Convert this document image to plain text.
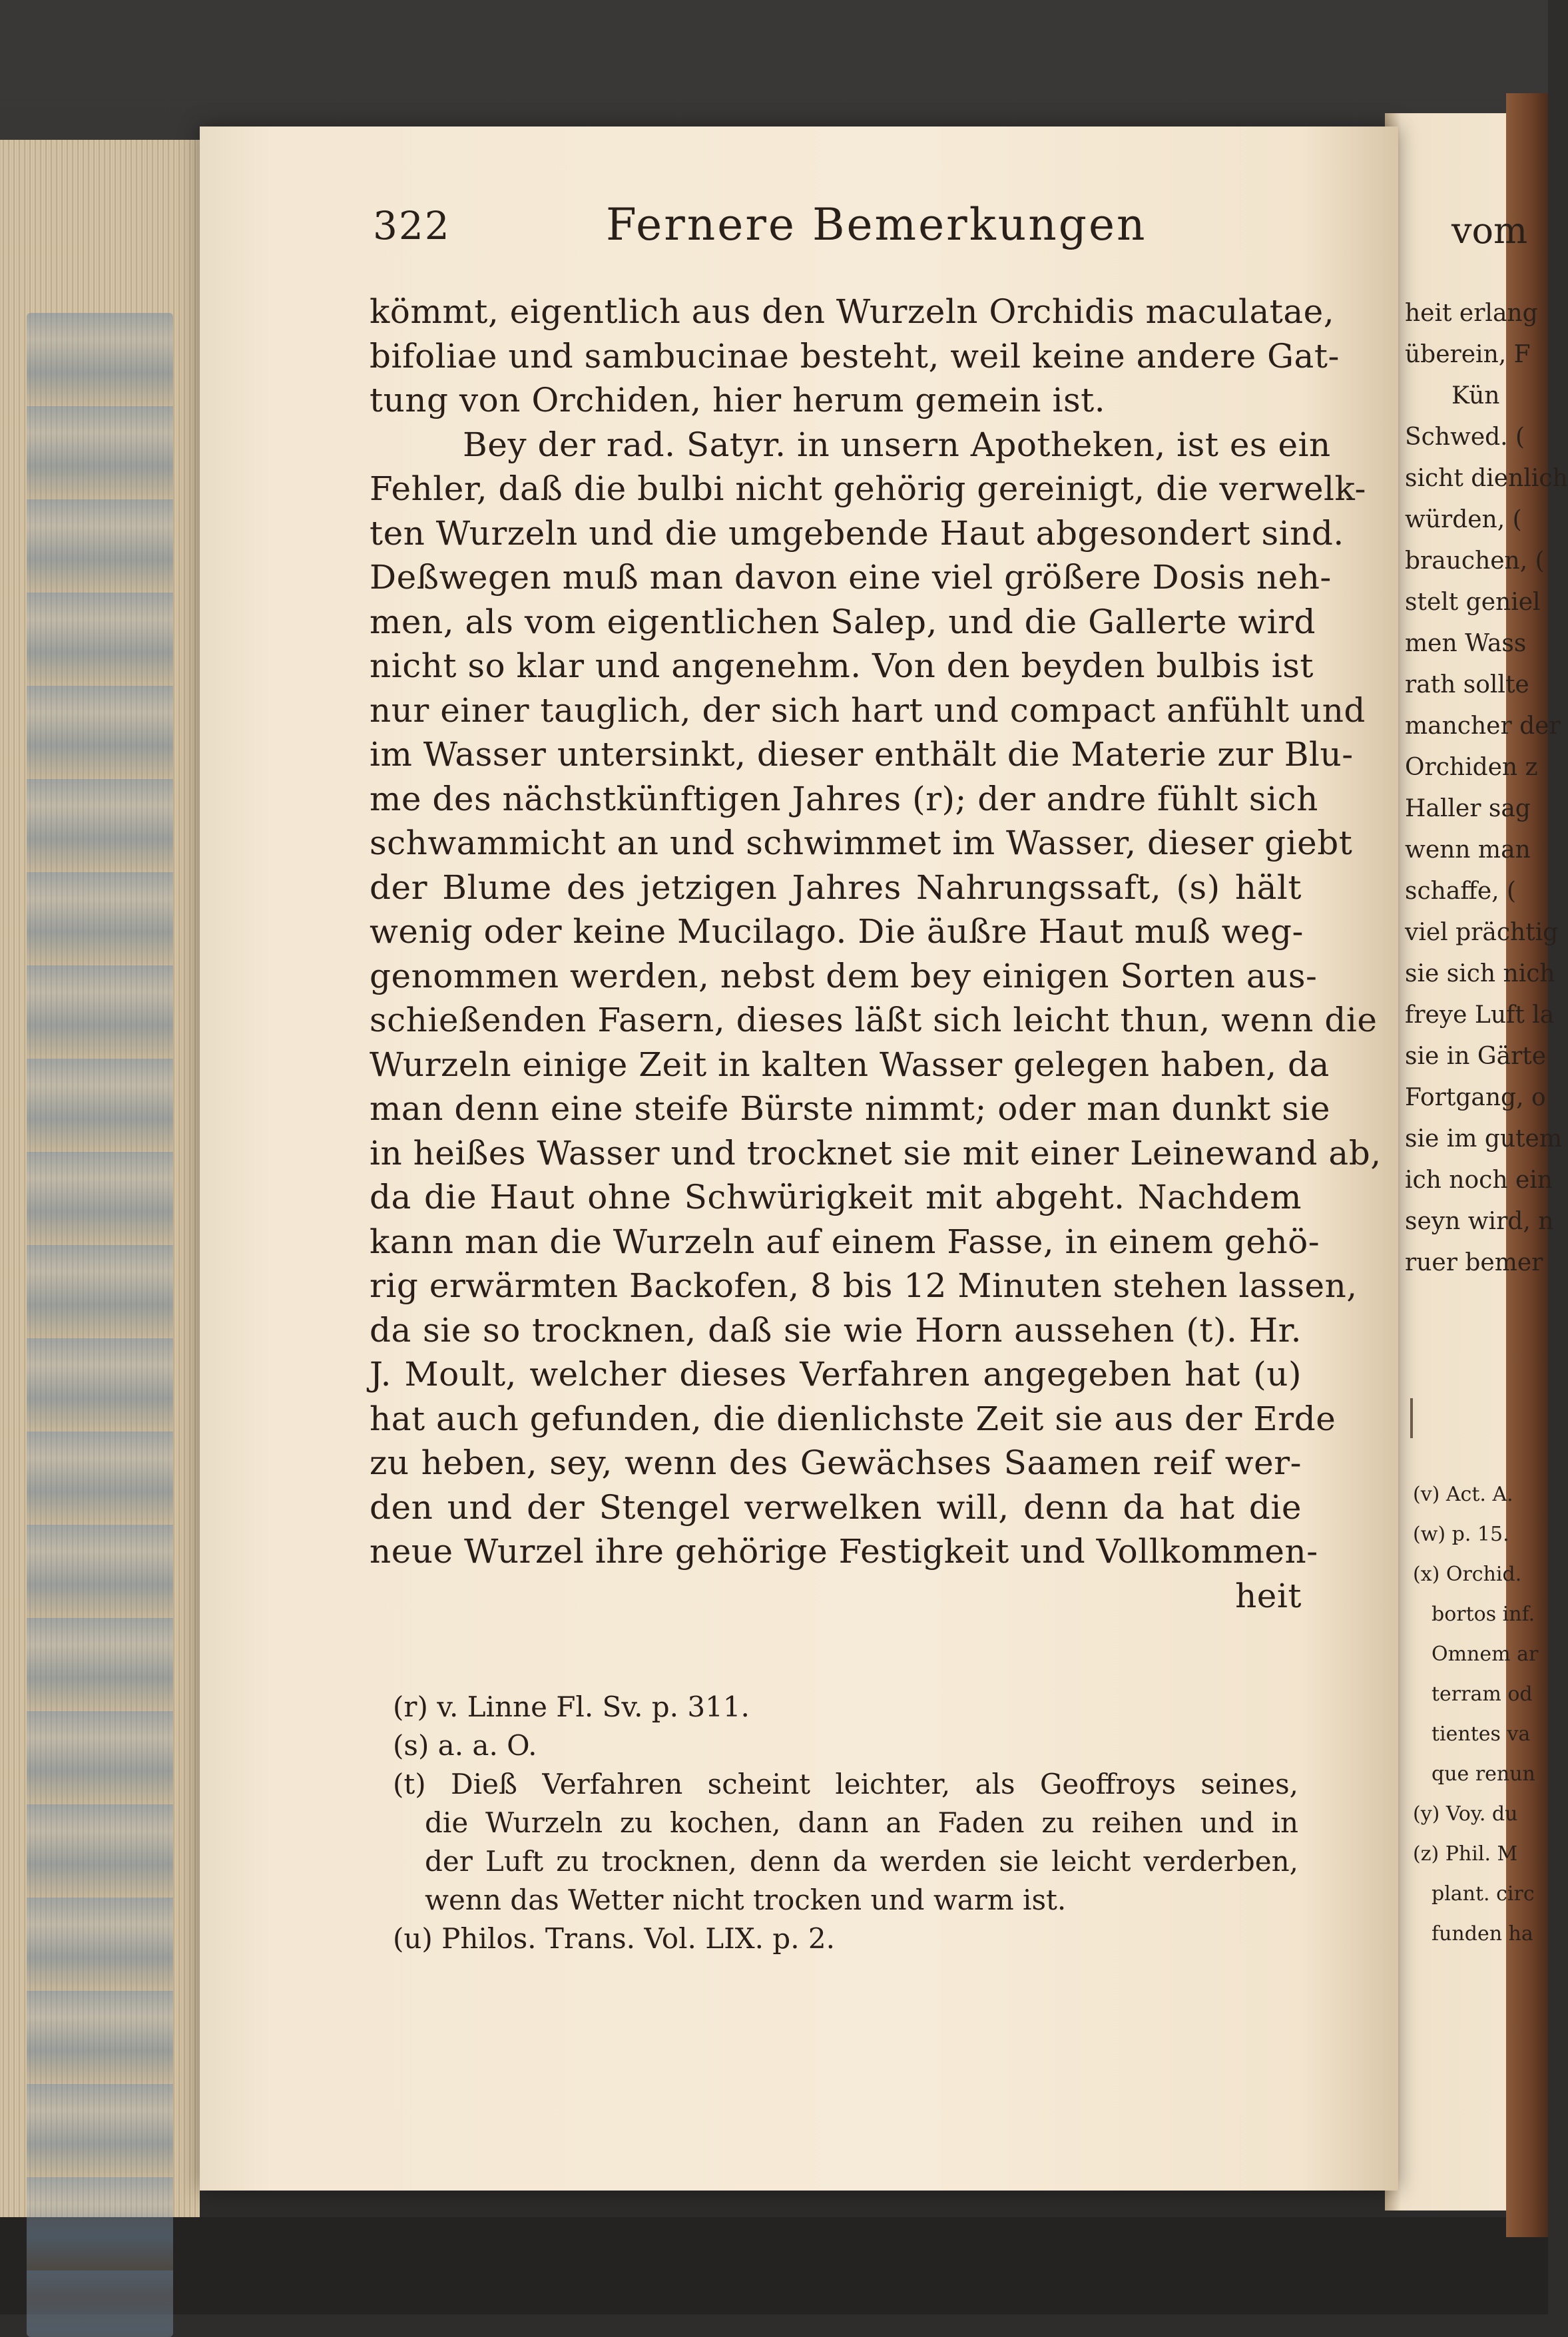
322	Fernere Bemerkungen
kömmt, eigentlich aus den Wurzeln Orchidis maculatae,
bifoliae und sambucinae besteht, weil keine andere Gat-
tung von Orchiden, hier herum gemein ist.
Bey der rad. Satyr. in unsern Apotheken, ist es ein
Fehler, daß die bulbi nicht gehörig gereinigt, die verwelk-
ten Wurzeln und die umgebende Haut abgesondert sind.
Deßwegen muß man davon eine viel größere Dosis neh-
men, als vom eigentlichen Salep, und die Gallerte wird
nicht so klar und angenehm. Von den beyden bulbis ist
nur einer tauglich, der sich hart und compact anfühlt und
im Wasser untersinkt, dieser enthält die Materie zur Blu-
me des nächstkünftigen Jahres (r); der andre fühlt sich
schwammicht an und schwimmet im Wasser, dieser giebt
der Blume des jetzigen Jahres Nahrungssaft, (s) hält
wenig oder keine Mucilago. Die äußre Haut muß weg-
genommen werden, nebst dem bey einigen Sorten aus-
schießenden Fasern, dieses läßt sich leicht thun, wenn die
Wurzeln einige Zeit in kalten Wasser gelegen haben, da
man denn eine steife Bürste nimmt; oder man dunkt sie
in heißes Wasser und trocknet sie mit einer Leinewand ab,
da die Haut ohne Schwürigkeit mit abgeht. Nachdem
kann man die Wurzeln auf einem Fasse, in einem gehö-
rig erwärmten Backofen, 8 bis 12 Minuten stehen lassen,
da sie so trocknen, daß sie wie Horn aussehen (t). Hr.
J. Moult, welcher dieses Verfahren angegeben hat (u)
hat auch gefunden, die dienlichste Zeit sie aus der Erde
zu heben, sey, wenn des Gewächses Saamen reif wer-
den und der Stengel verwelken will, denn da hat die
neue Wurzel ihre gehörige Festigkeit und Vollkommen-
heit
(r) v. Linne Fl. Sv. p. 311.
(s) a. a. O.
(t) Dieß Verfahren scheint leichter, als Geoffroys seines,
die Wurzeln zu kochen, dann an Faden zu reihen und in
der Luft zu trocknen, denn da werden sie leicht verderben,
wenn das Wetter nicht trocken und warm ist.
(u) Philos. Trans. Vol. LIX. p. 2.
vom
heit erlang
überein, F
Kün
Schwed. (
sicht dienlich
würden, (
brauchen, (
stelt geniel
men Wass
rath sollte
mancher der
Orchiden z
Haller sag
wenn man
schaffe, (
viel prächtig
sie sich nich
freye Luft la
sie in Gärte
Fortgang, o
sie im gutem
ich noch ein
seyn wird, n
ruer bemer
(v) Act. A.
(w) p. 15.
(x) Orchid.
bortos inf.
Omnem ar
terram od
tientes va
que renun
(y) Voy. du
(z) Phil. M
plant. circ
funden ha
